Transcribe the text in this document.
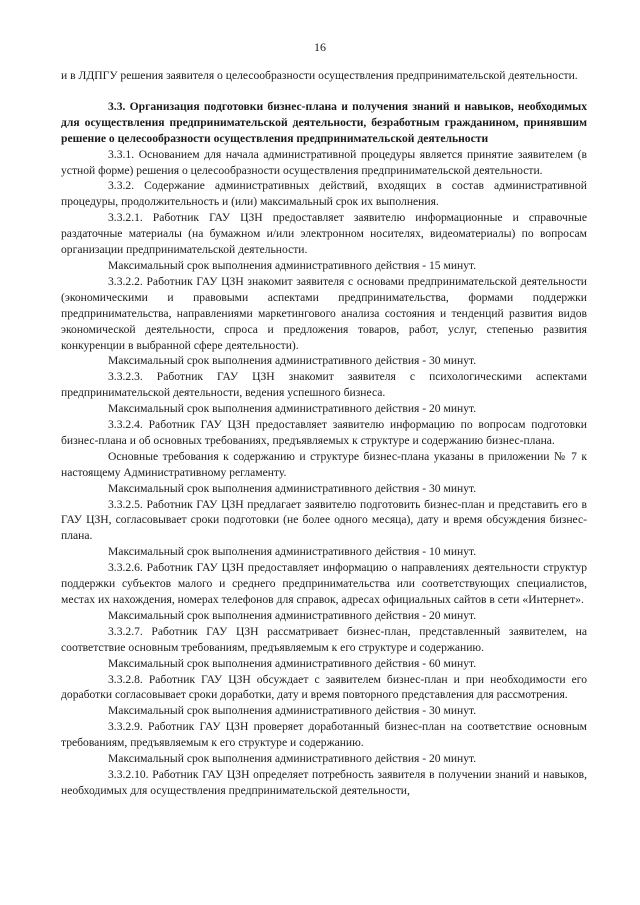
16

и в ЛДПГУ решения заявителя о целесообразности осуществления предпринимательской деятельности.

3.3. Организация подготовки бизнес-плана и получения знаний и навыков, необходимых для осуществления предпринимательской деятельности, безработным гражданином, принявшим решение о целесообразности осуществления предпринимательской деятельности

3.3.1. Основанием для начала административной процедуры является принятие заявителем (в устной форме) решения о целесообразности осуществления предпринимательской деятельности.

3.3.2. Содержание административных действий, входящих в состав административной процедуры, продолжительность и (или) максимальный срок их выполнения.

3.3.2.1. Работник ГАУ ЦЗН предоставляет заявителю информационные и справочные раздаточные материалы (на бумажном и/или электронном носителях, видеоматериалы) по вопросам организации предпринимательской деятельности.

Максимальный срок выполнения административного действия - 15 минут.

3.3.2.2. Работник ГАУ ЦЗН знакомит заявителя с основами предпринимательской деятельности (экономическими и правовыми аспектами предпринимательства, формами поддержки предпринимательства, направлениями маркетингового анализа состояния и тенденций развития видов экономической деятельности, спроса и предложения товаров, работ, услуг, степенью развития конкуренции в выбранной сфере деятельности).

Максимальный срок выполнения административного действия - 30 минут.

3.3.2.3. Работник ГАУ ЦЗН знакомит заявителя с психологическими аспектами предпринимательской деятельности, ведения успешного бизнеса.

Максимальный срок выполнения административного действия - 20 минут.

3.3.2.4. Работник ГАУ ЦЗН предоставляет заявителю информацию по вопросам подготовки бизнес-плана и об основных требованиях, предъявляемых к структуре и содержанию бизнес-плана.

Основные требования к содержанию и структуре бизнес-плана указаны в приложении № 7 к настоящему Административному регламенту.

Максимальный срок выполнения административного действия - 30 минут.

3.3.2.5. Работник ГАУ ЦЗН предлагает заявителю подготовить бизнес-план и представить его в ГАУ ЦЗН, согласовывает сроки подготовки (не более одного месяца), дату и время обсуждения бизнес-плана.

Максимальный срок выполнения административного действия - 10 минут.

3.3.2.6. Работник ГАУ ЦЗН предоставляет информацию о направлениях деятельности структур поддержки субъектов малого и среднего предпринимательства или соответствующих специалистов, местах их нахождения, номерах телефонов для справок, адресах официальных сайтов в сети «Интернет».

Максимальный срок выполнения административного действия - 20 минут.

3.3.2.7. Работник ГАУ ЦЗН рассматривает бизнес-план, представленный заявителем, на соответствие основным требованиям, предъявляемым к его структуре и содержанию.

Максимальный срок выполнения административного действия - 60 минут.

3.3.2.8. Работник ГАУ ЦЗН обсуждает с заявителем бизнес-план и при необходимости его доработки согласовывает сроки доработки, дату и время повторного представления для рассмотрения.

Максимальный срок выполнения административного действия - 30 минут.

3.3.2.9. Работник ГАУ ЦЗН проверяет доработанный бизнес-план на соответствие основным требованиям, предъявляемым к его структуре и содержанию.

Максимальный срок выполнения административного действия - 20 минут.

3.3.2.10. Работник ГАУ ЦЗН определяет потребность заявителя в получении знаний и навыков, необходимых для осуществления предпринимательской деятельности,
